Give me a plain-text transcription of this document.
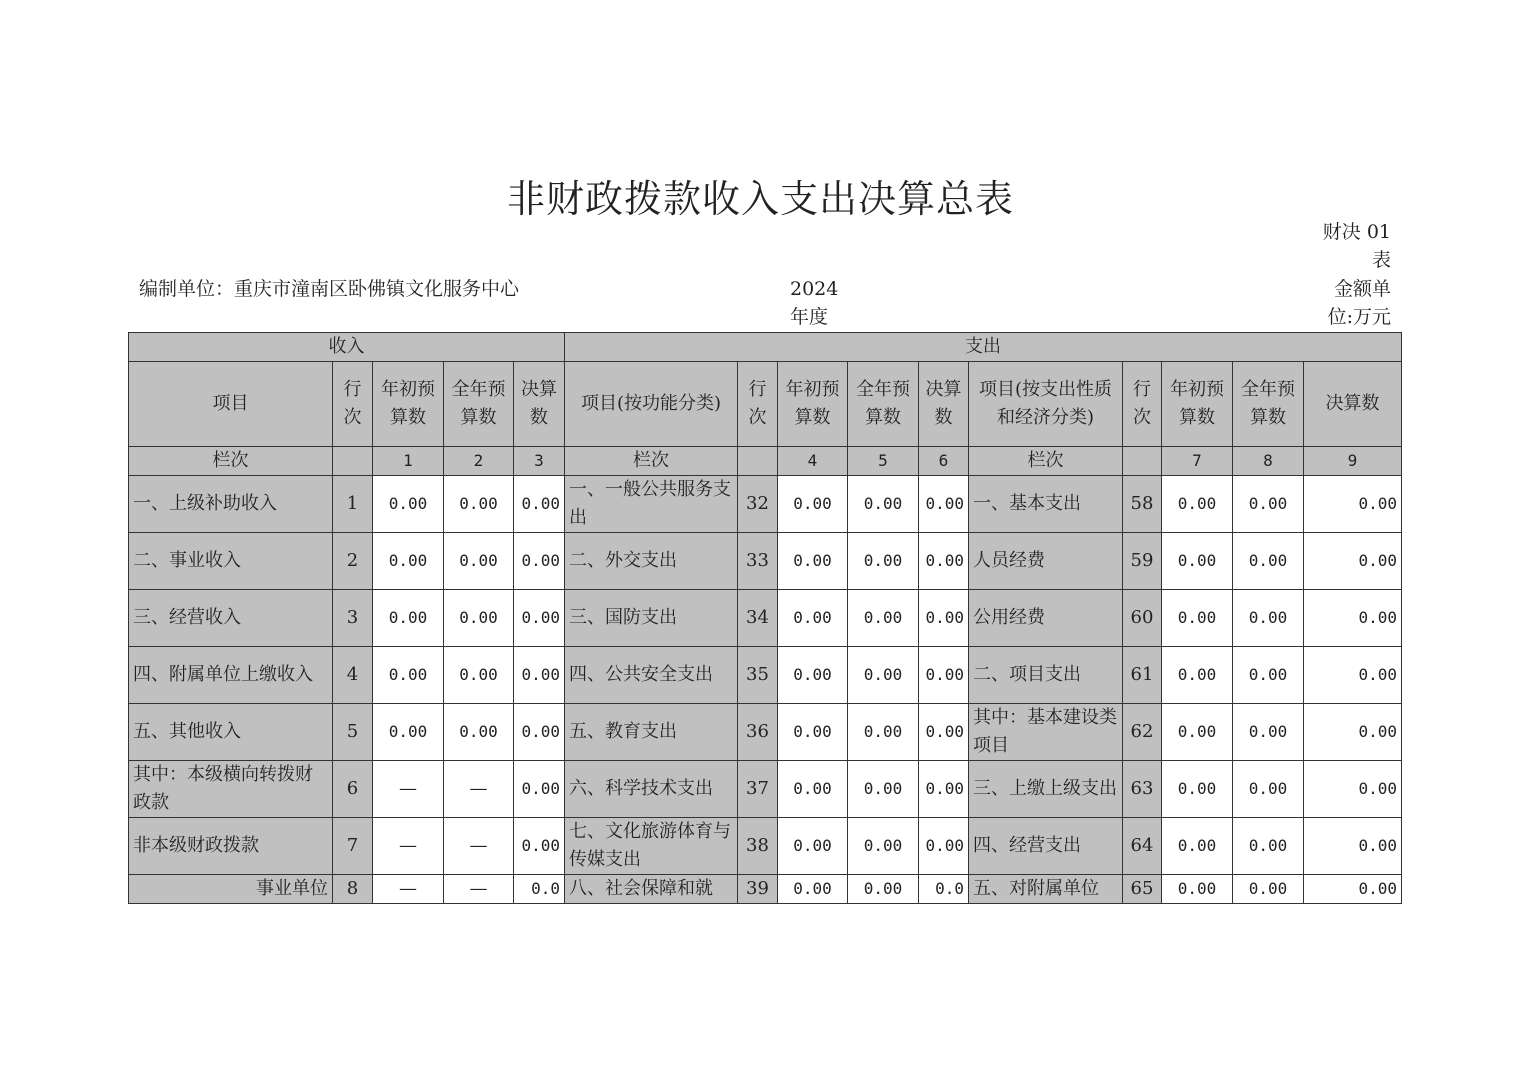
非财政拨款收入支出决算总表
财决 01 表
编制单位：重庆市潼南区卧佛镇文化服务中心	2024 年度
金额单位:万元
收入					支出									
项目	行次	年初预算数	全年预算数	决算数	项目(按功能分类)	行次	年初预算数	全年预算数	决算数	项目(按支出性质和经济分类)	行次	年初预算数	全年预算数	决算数
栏次		1	2	3	栏次		4	5	6	栏次		7	8	9
一、上级补助收入	1	0.00	0.00	0.00	一、一般公共服务支出	32	0.00	0.00	0.00	一、基本支出	58	0.00	0.00	0.00
二、事业收入	2	0.00	0.00	0.00	二、外交支出	33	0.00	0.00	0.00	人员经费	59	0.00	0.00	0.00
三、经营收入	3	0.00	0.00	0.00	三、国防支出	34	0.00	0.00	0.00	公用经费	60	0.00	0.00	0.00
四、附属单位上缴收入	4	0.00	0.00	0.00	四、公共安全支出	35	0.00	0.00	0.00	二、项目支出	61	0.00	0.00	0.00
五、其他收入	5	0.00	0.00	0.00	五、教育支出	36	0.00	0.00	0.00	其中：基本建设类项目	62	0.00	0.00	0.00
其中：本级横向转拨财政款	6	—	—	0.00	六、科学技术支出	37	0.00	0.00	0.00	三、上缴上级支出	63	0.00	0.00	0.00
非本级财政拨款	7	—	—	0.00	七、文化旅游体育与传媒支出	38	0.00	0.00	0.00	四、经营支出	64	0.00	0.00	0.00
事业单位	8	—	—	0.0	八、社会保障和就	39	0.00	0.00	0.0	五、对附属单位	65	0.00	0.00	0.00
